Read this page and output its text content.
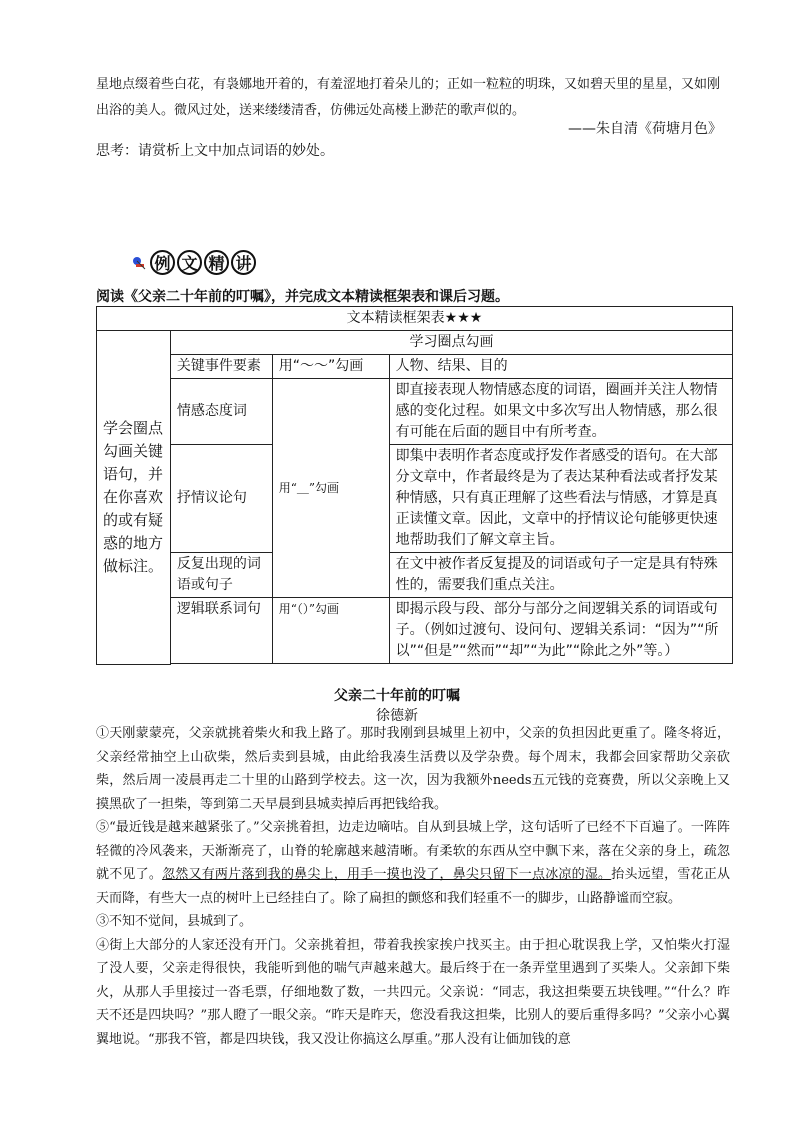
星地点缀着些白花，有袅娜地开着的，有羞涩地打着朵儿的；正如一粒粒的明珠，又如碧天里的星星，又如刚出浴的美人。微风过处，送来缕缕清香，仿佛远处高楼上渺茫的歌声似的。
——朱自清《荷塘月色》
思考：请赏析上文中加点词语的妙处。
例 文 精 讲
阅读《父亲二十年前的叮嘱》，并完成文本精读框架表和课后习题。
文本精读框架表★★★			
学会圈点勾画关键语句，并在你喜欢的或有疑惑的地方做标注。	学习圈点勾画		
	关键事件要素	用“～～”勾画	人物、结果、目的
	情感态度词	用“＿”勾画	即直接表现人物情感态度的词语，圈画并关注人物情感的变化过程。如果文中多次写出人物情感，那么很有可能在后面的题目中有所考查。
	抒情议论句		即集中表明作者态度或抒发作者感受的语句。在大部分文章中，作者最终是为了表达某种看法或者抒发某种情感，只有真正理解了这些看法与情感，才算是真正读懂文章。因此，文章中的抒情议论句能够更快速地帮助我们了解文章主旨。
	反复出现的词语或句子		在文中被作者反复提及的词语或句子一定是具有特殊性的，需要我们重点关注。
	逻辑联系词句	用“（）”勾画	即揭示段与段、部分与部分之间逻辑关系的词语或句子。（例如过渡句、设问句、逻辑关系词：“因为”“所以”“但是”“然而”“却”“为此”“除此之外”等。）

父亲二十年前的叮嘱
徐德新

①天刚蒙蒙亮，父亲就挑着柴火和我上路了。那时我刚到县城里上初中，父亲的负担因此更重了。隆冬将近，父亲经常抽空上山砍柴，然后卖到县城，由此给我凑生活费以及学杂费。每个周末，我都会回家帮助父亲砍柴，然后周一凌晨再走二十里的山路到学校去。这一次，因为我额外needs五元钱的竞赛费，所以父亲晚上又摸黑砍了一担柴，等到第二天早晨到县城卖掉后再把钱给我。

⑤“最近钱是越来越紧张了。”父亲挑着担，边走边嘀咕。自从到县城上学，这句话听了已经不下百遍了。一阵阵轻微的冷风袭来，天渐渐亮了，山脊的轮廓越来越清晰。有柔软的东西从空中飘下来，落在父亲的身上，疏忽就不见了。忽然又有两片落到我的鼻尖上，用手一摸也没了，鼻尖只留下一点冰凉的湿。抬头远望，雪花正从天而降，有些大一点的树叶上已经挂白了。除了扁担的颤悠和我们轻重不一的脚步，山路静谧而空寂。

③不知不觉间，县城到了。

④街上大部分的人家还没有开门。父亲挑着担，带着我挨家挨户找买主。由于担心耽误我上学，又怕柴火打湿了没人要，父亲走得很快，我能听到他的喘气声越来越大。最后终于在一条弄堂里遇到了买柴人。父亲卸下柴火，从那人手里接过一沓毛票，仔细地数了数，一共四元。父亲说：“同志，我这担柴要五块钱哩。”“什么？昨天不还是四块吗？”那人瞪了一眼父亲。“昨天是昨天，您没看我这担柴，比别人的要后重得多吗？”父亲小心翼翼地说。“那我不管，都是四块钱，我又没让你搞这么厚重。”那人没有让価加钱的意
